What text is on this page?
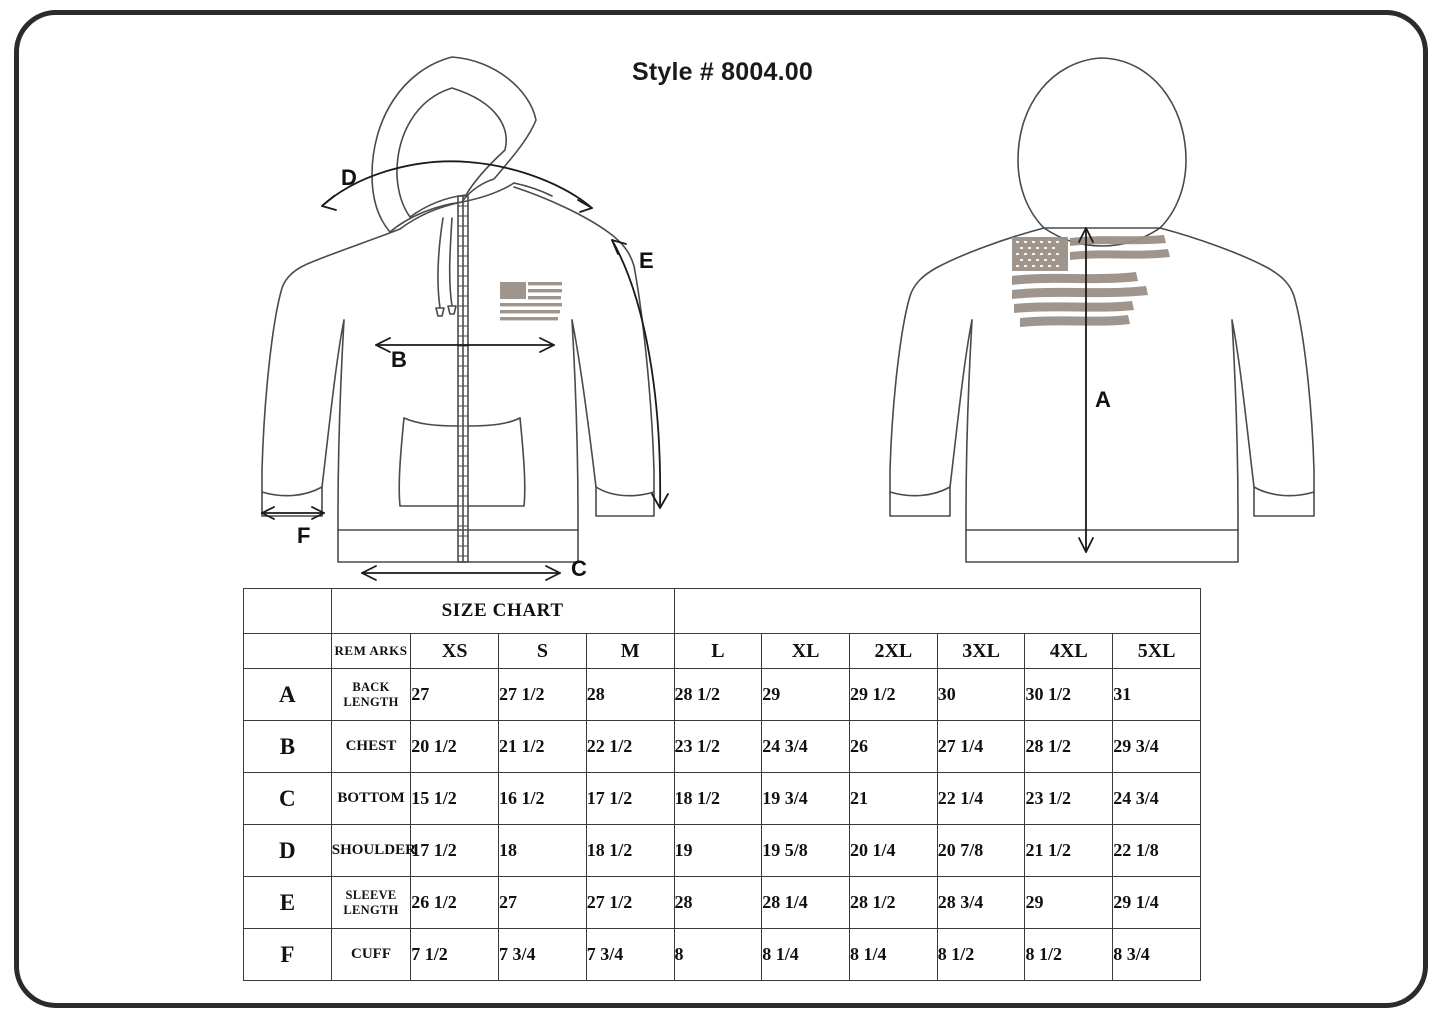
Style # 8004.00
D
E
B
F
C
A
	SIZE CHART									
	REM ARKS	XS	S	M	L	XL	2XL	3XL	4XL	5XL
A	BACK LENGTH	27	27 1/2	28	28 1/2	29	29 1/2	30	30 1/2	31
B	CHEST	20 1/2	21 1/2	22 1/2	23 1/2	24 3/4	26	27 1/4	28 1/2	29 3/4
C	BOTTOM	15 1/2	16 1/2	17 1/2	18 1/2	19 3/4	21	22 1/4	23 1/2	24 3/4
D	SHOULDER	17 1/2	18	18 1/2	19	19 5/8	20 1/4	20 7/8	21 1/2	22 1/8
E	SLEEVE LENGTH	26 1/2	27	27 1/2	28	28 1/4	28 1/2	28 3/4	29	29 1/4
F	CUFF	7 1/2	7 3/4	7 3/4	8	8 1/4	8 1/4	8 1/2	8 1/2	8 3/4
